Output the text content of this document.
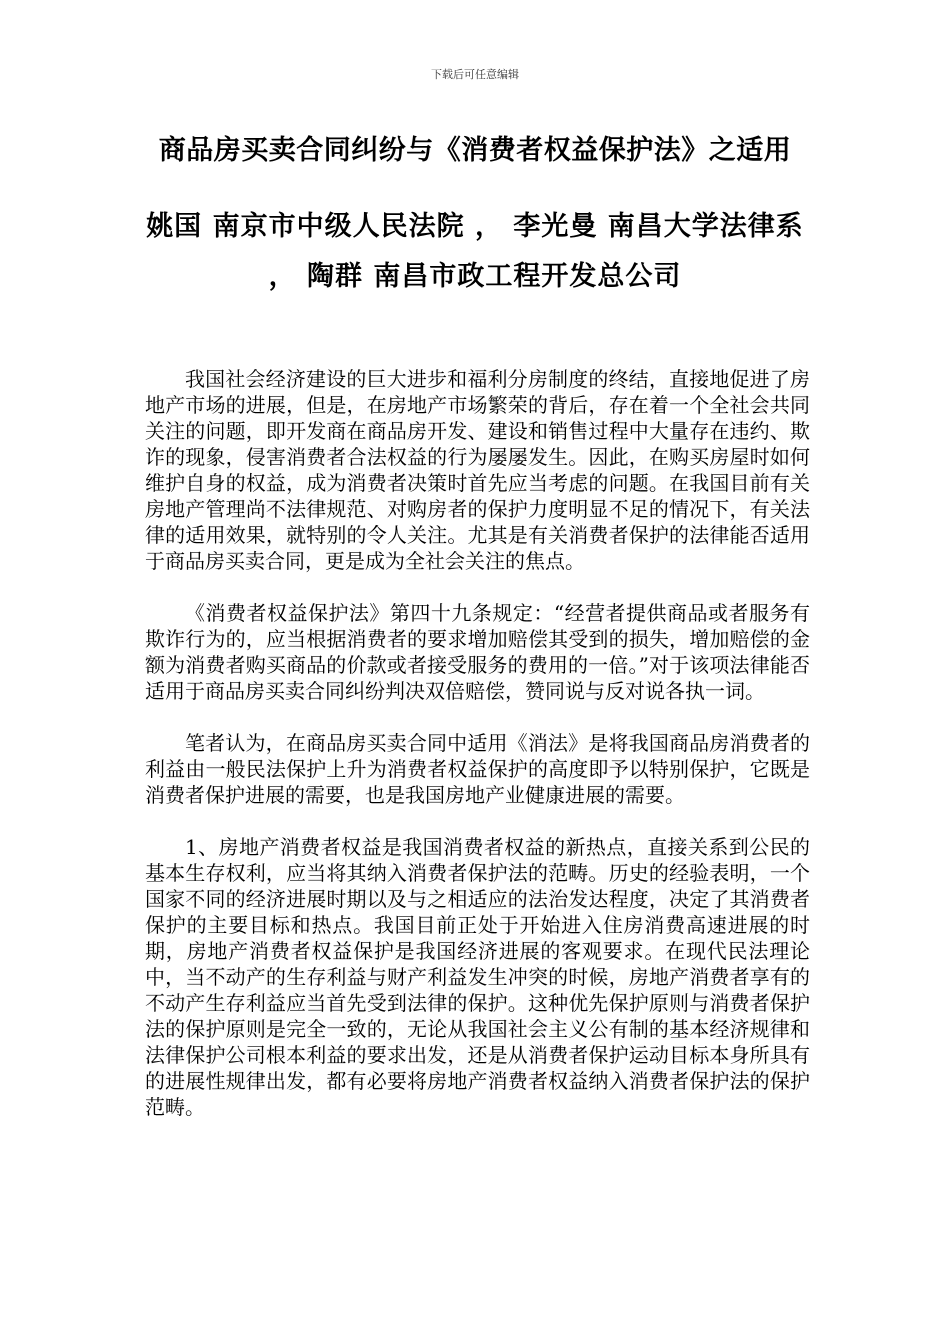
下载后可任意编辑
商品房买卖合同纠纷与《消费者权益保护法》之适用
姚国 南京市中级人民法院 ， 李光曼 南昌大学法律系 ， 陶群 南昌市政工程开发总公司

我国社会经济建设的巨大进步和福利分房制度的终结，直接地促进了房地产市场的进展，但是，在房地产市场繁荣的背后，存在着一个全社会共同关注的问题，即开发商在商品房开发、建设和销售过程中大量存在违约、欺诈的现象，侵害消费者合法权益的行为屡屡发生。因此，在购买房屋时如何维护自身的权益，成为消费者决策时首先应当考虑的问题。在我国目前有关房地产管理尚不法律规范、对购房者的保护力度明显不足的情况下，有关法律的适用效果，就特别的令人关注。尤其是有关消费者保护的法律能否适用于商品房买卖合同，更是成为全社会关注的焦点。

《消费者权益保护法》第四十九条规定：“经营者提供商品或者服务有欺诈行为的，应当根据消费者的要求增加赔偿其受到的损失，增加赔偿的金额为消费者购买商品的价款或者接受服务的费用的一倍。”对于该项法律能否适用于商品房买卖合同纠纷判决双倍赔偿，赞同说与反对说各执一词。

笔者认为，在商品房买卖合同中适用《消法》是将我国商品房消费者的利益由一般民法保护上升为消费者权益保护的高度即予以特别保护，它既是消费者保护进展的需要，也是我国房地产业健康进展的需要。

1、房地产消费者权益是我国消费者权益的新热点，直接关系到公民的基本生存权利，应当将其纳入消费者保护法的范畴。历史的经验表明，一个国家不同的经济进展时期以及与之相适应的法治发达程度，决定了其消费者保护的主要目标和热点。我国目前正处于开始进入住房消费高速进展的时期，房地产消费者权益保护是我国经济进展的客观要求。在现代民法理论中，当不动产的生存利益与财产利益发生冲突的时候，房地产消费者享有的不动产生存利益应当首先受到法律的保护。这种优先保护原则与消费者保护法的保护原则是完全一致的，无论从我国社会主义公有制的基本经济规律和法律保护公司根本利益的要求出发，还是从消费者保护运动目标本身所具有的进展性规律出发，都有必要将房地产消费者权益纳入消费者保护法的保护范畴。
